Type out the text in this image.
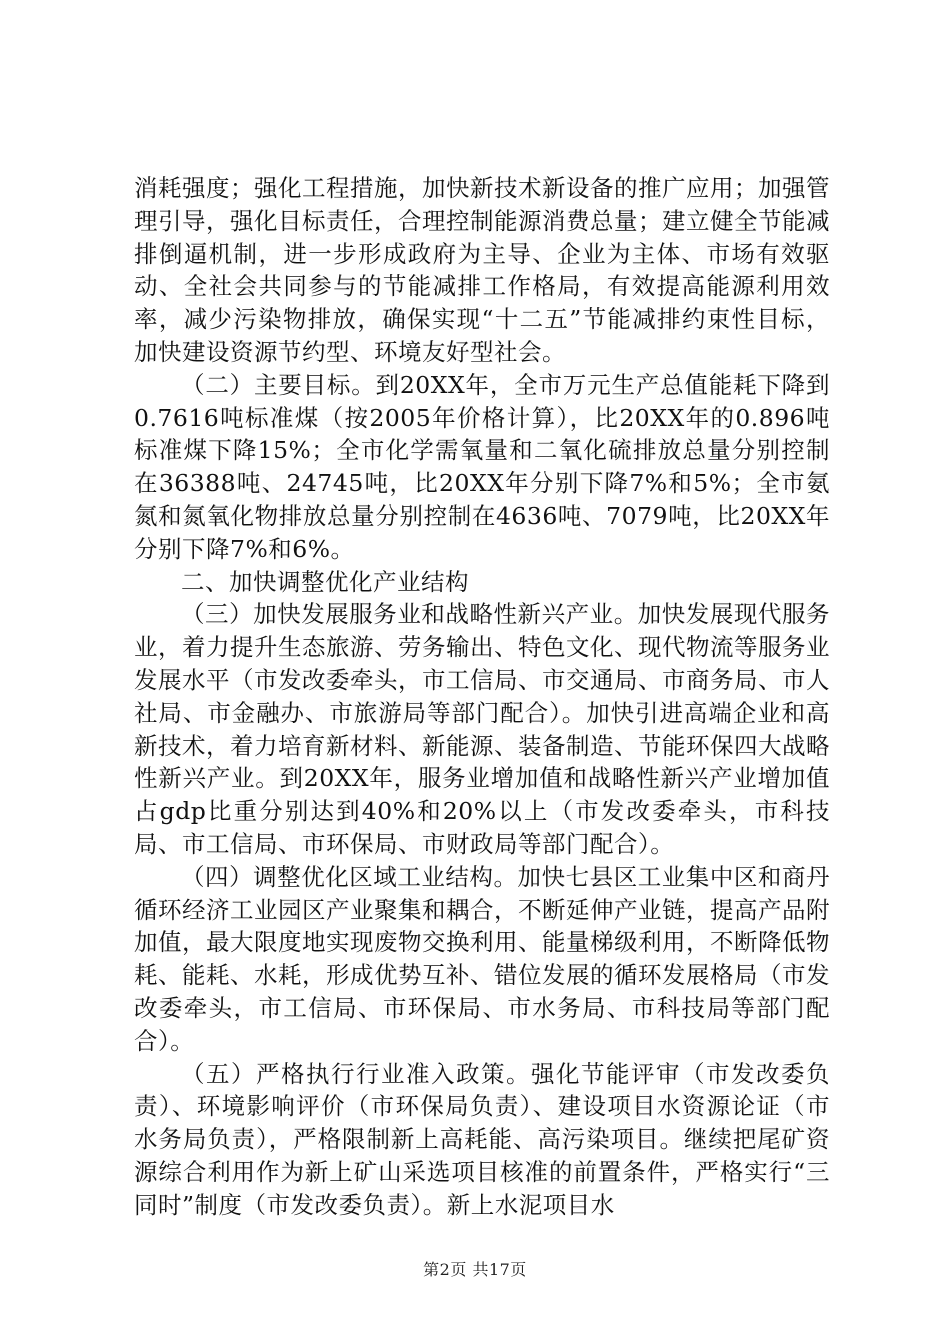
消耗强度；强化工程措施，加快新技术新设备的推广应用；加强管理引导，强化目标责任，合理控制能源消费总量；建立健全节能减排倒逼机制，进一步形成政府为主导、企业为主体、市场有效驱动、全社会共同参与的节能减排工作格局，有效提高能源利用效率，减少污染物排放，确保实现“十二五”节能减排约束性目标，加快建设资源节约型、环境友好型社会。

（二）主要目标。到20XX年，全市万元生产总值能耗下降到0.7616吨标准煤（按2005年价格计算），比20XX年的0.896吨标准煤下降15%；全市化学需氧量和二氧化硫排放总量分别控制在36388吨、24745吨，比20XX年分别下降7%和5%；全市氨氮和氮氧化物排放总量分别控制在4636吨、7079吨，比20XX年分别下降7%和6%。

二、加快调整优化产业结构

（三）加快发展服务业和战略性新兴产业。加快发展现代服务业，着力提升生态旅游、劳务输出、特色文化、现代物流等服务业发展水平（市发改委牵头，市工信局、市交通局、市商务局、市人社局、市金融办、市旅游局等部门配合）。加快引进高端企业和高新技术，着力培育新材料、新能源、装备制造、节能环保四大战略性新兴产业。到20XX年，服务业增加值和战略性新兴产业增加值占gdp比重分别达到40%和20%以上（市发改委牵头，市科技局、市工信局、市环保局、市财政局等部门配合）。

（四）调整优化区域工业结构。加快七县区工业集中区和商丹循环经济工业园区产业聚集和耦合，不断延伸产业链，提高产品附加值，最大限度地实现废物交换利用、能量梯级利用，不断降低物耗、能耗、水耗，形成优势互补、错位发展的循环发展格局（市发改委牵头，市工信局、市环保局、市水务局、市科技局等部门配合）。

（五）严格执行行业准入政策。强化节能评审（市发改委负责）、环境影响评价（市环保局负责）、建设项目水资源论证（市水务局负责），严格限制新上高耗能、高污染项目。继续把尾矿资源综合利用作为新上矿山采选项目核准的前置条件，严格实行“三同时”制度（市发改委负责）。新上水泥项目水

第2页 共17页
